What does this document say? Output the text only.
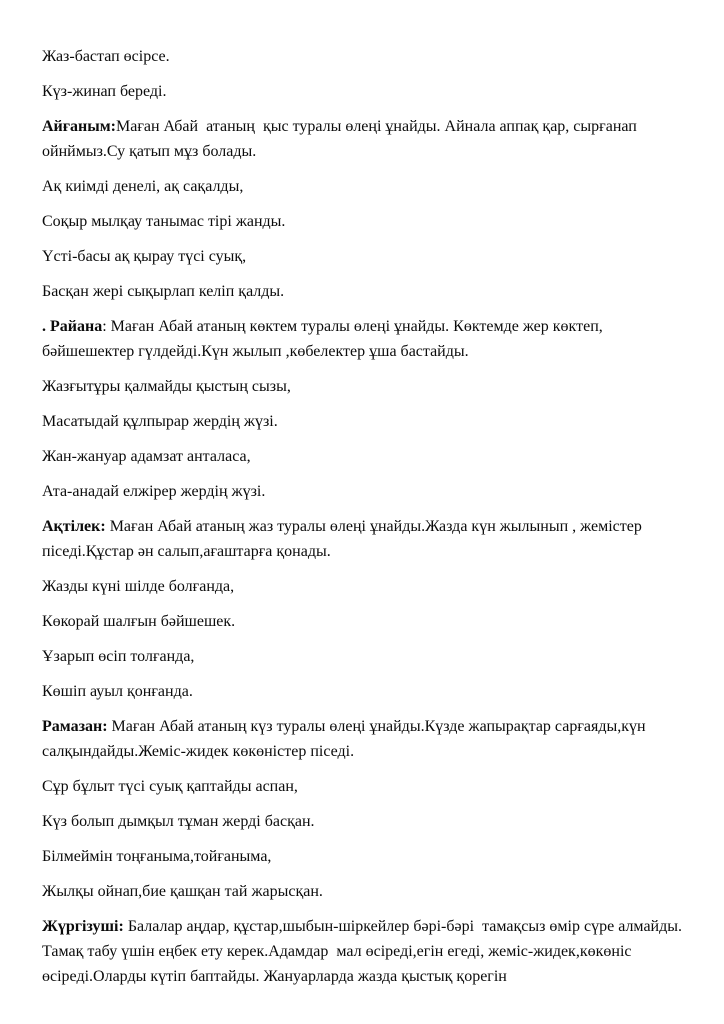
Жаз-бастап өсірсе.

Күз-жинап береді.

Айғаным:Маған Абай  атаның  қыс туралы өлеңі ұнайды. Айнала аппақ қар, сырғанап ойнймыз.Су қатып мұз болады.

Ақ киімді денелі, ақ сақалды,

Соқыр мылқау танымас тірі жанды.

Үсті-басы ақ қырау түсі суық,

Басқан жері сықырлап келіп қалды.

. Райана: Маған Абай атаның көктем туралы өлеңі ұнайды. Көктемде жер көктеп, бәйшешектер гүлдейді.Күн жылып ,көбелектер ұша бастайды.

Жазғытұры қалмайды қыстың сызы,

Масатыдай құлпырар жердің жүзі.

Жан-жануар адамзат анталаса,

Ата-анадай елжірер жердің жүзі.

Ақтілек: Маған Абай атаның жаз туралы өлеңі ұнайды.Жазда күн жылынып , жемістер піседі.Құстар ән салып,ағаштарға қонады.

Жазды күні шілде болғанда,

Көкорай шалғын бәйшешек.

Ұзарып өсіп толғанда,

Көшіп ауыл қонғанда.

Рамазан: Маған Абай атаның күз туралы өлеңі ұнайды.Күзде жапырақтар сарғаяды,күн салқындайды.Жеміс-жидек көкөністер піседі.

Сұр бұлыт түсі суық қаптайды аспан,

Күз болып дымқыл тұман жерді басқан.

Білмеймін тоңғаныма,тойғаныма,

Жылқы ойнап,бие қашқан тай жарысқан.

Жүргізуші: Балалар аңдар, құстар,шыбын-шіркейлер бәрі-бәрі  тамақсыз өмір сүре алмайды. Тамақ табу үшін еңбек ету керек.Адамдар  мал өсіреді,егін егеді, жеміс-жидек,көкөніс өсіреді.Оларды күтіп баптайды. Жануарларда жазда қыстық қорегін
